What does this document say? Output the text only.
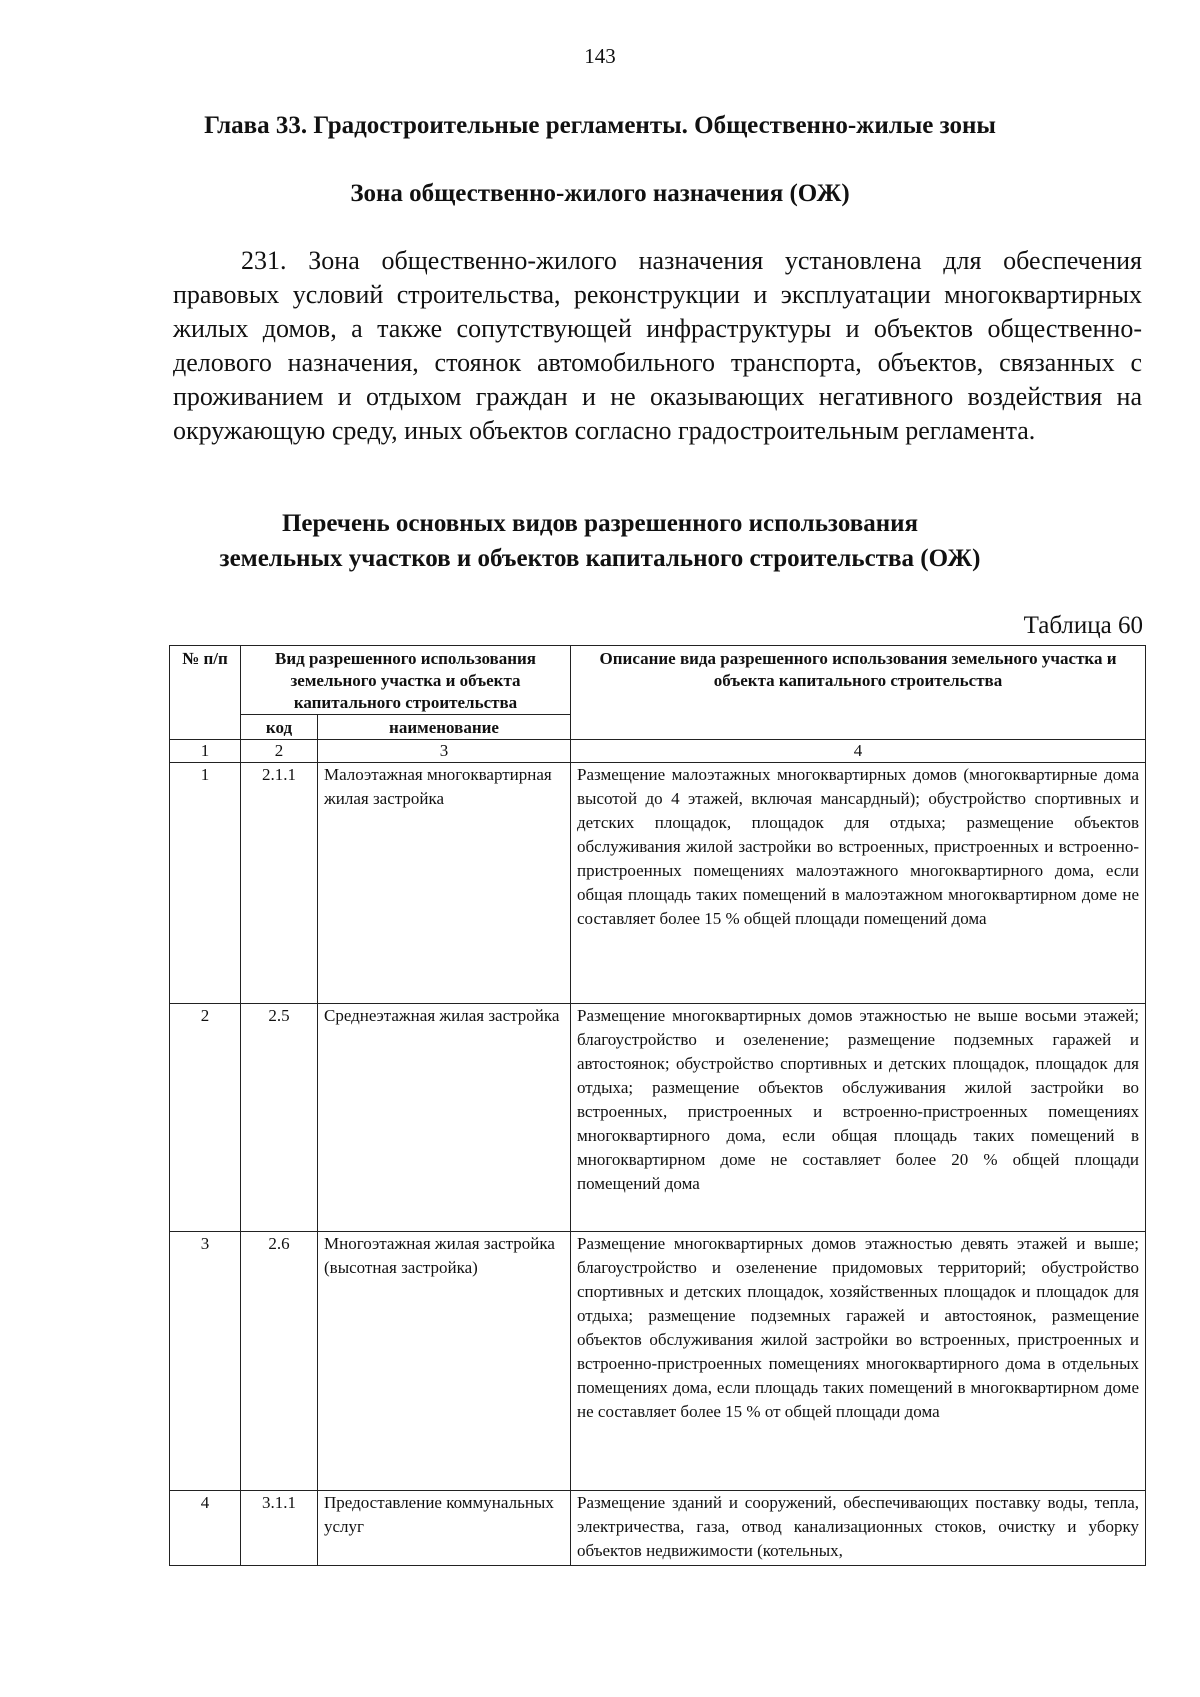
143
Глава 33. Градостроительные регламенты. Общественно-жилые зоны
Зона общественно-жилого назначения (ОЖ)
231. Зона общественно-жилого назначения установлена для обеспечения правовых условий строительства, реконструкции и эксплуатации многоквартирных жилых домов, а также сопутствующей инфраструктуры и объектов общественно-делового назначения, стоянок автомобильного транспорта, объектов, связанных с проживанием и отдыхом граждан и не оказывающих негативного воздействия на окружающую среду, иных объектов согласно градостроительным регламента.
Перечень основных видов разрешенного использования
земельных участков и объектов капитального строительства (ОЖ)
Таблица 60
№ п/п	Вид разрешенного использования земельного участка и объекта капитального строительства		Описание вида разрешенного использования земельного участка и объекта капитального строительства
	код	наименование	
1	2	3	4
1	2.1.1	Малоэтажная многоквартирная жилая застройка	Размещение малоэтажных многоквартирных домов (многоквартирные дома высотой до 4 этажей, включая мансардный); обустройство спортивных и детских площадок, площадок для отдыха; размещение объектов обслуживания жилой застройки во встроенных, пристроенных и встроенно-пристроенных помещениях малоэтажного многоквартирного дома, если общая площадь таких помещений в малоэтажном многоквартирном доме не составляет более 15 % общей площади помещений дома
2	2.5	Среднеэтажная жилая застройка	Размещение многоквартирных домов этажностью не выше восьми этажей; благоустройство и озеленение; размещение подземных гаражей и автостоянок; обустройство спортивных и детских площадок, площадок для отдыха; размещение объектов обслуживания жилой застройки во встроенных, пристроенных и встроенно-пристроенных помещениях многоквартирного дома, если общая площадь таких помещений в многоквартирном доме не составляет более 20 % общей площади помещений дома
3	2.6	Многоэтажная жилая застройка (высотная застройка)	Размещение многоквартирных домов этажностью девять этажей и выше; благоустройство и озеленение придомовых территорий; обустройство спортивных и детских площадок, хозяйственных площадок и площадок для отдыха; размещение подземных гаражей и автостоянок, размещение объектов обслуживания жилой застройки во встроенных, пристроенных и встроенно-пристроенных помещениях многоквартирного дома в отдельных помещениях дома, если площадь таких помещений в многоквартирном доме не составляет более 15 % от общей площади дома
4	3.1.1	Предоставление коммунальных услуг	Размещение зданий и сооружений, обеспечивающих поставку воды, тепла, электричества, газа, отвод канализационных стоков, очистку и уборку объектов недвижимости (котельных,
